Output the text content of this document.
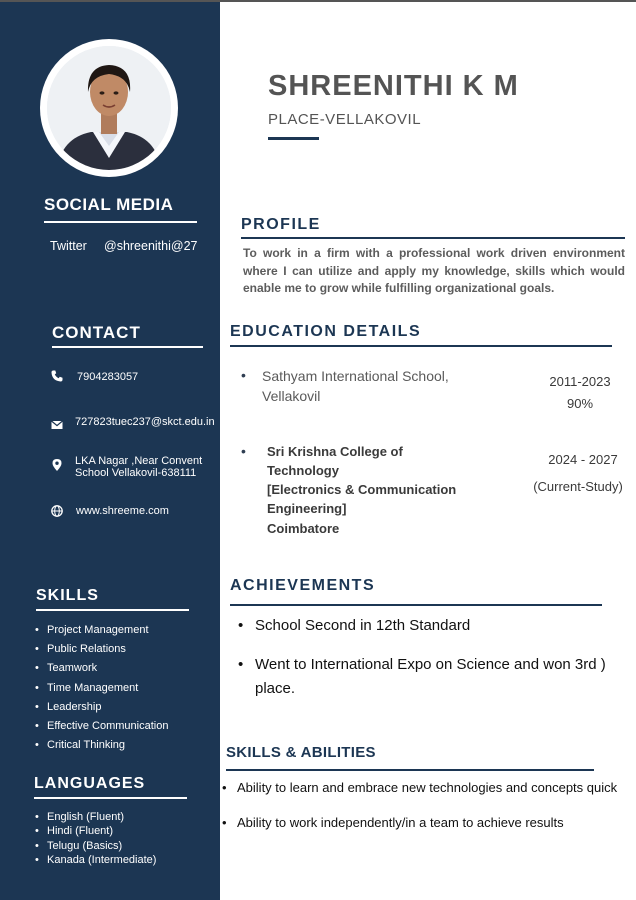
SOCIAL MEDIA
Twitter @shreenithi@27
CONTACT
7904283057
727823tuec237@skct.edu.in
LKA Nagar ,Near Convent
School Vellakovil-638111
www.shreeme.com
SKILLS
• Project Management
• Public Relations
• Teamwork
• Time Management
• Leadership
• Effective Communication
• Critical Thinking
LANGUAGES
• English (Fluent)
• Hindi (Fluent)
• Telugu (Basics)
• Kanada (Intermediate)
SHREENITHI K M
PLACE-VELLAKOVIL
PROFILE
To work in a firm with a professional work driven environment where I can utilize and apply my knowledge, skills which would enable me to grow while fulfilling organizational goals.
EDUCATION DETAILS
• Sathyam International School,
Vellakovil
2011-2023
90%
• Sri Krishna College of
Technology
[Electronics & Communication
Engineering]
Coimbatore
2024 - 2027
(Current-Study)
ACHIEVEMENTS
• School Second in 12th Standard
• Went to International Expo on Science and won 3rd )
place.
SKILLS & ABILITIES
• Ability to learn and embrace new technologies and concepts quick
• Ability to work independently/in a team to achieve results
